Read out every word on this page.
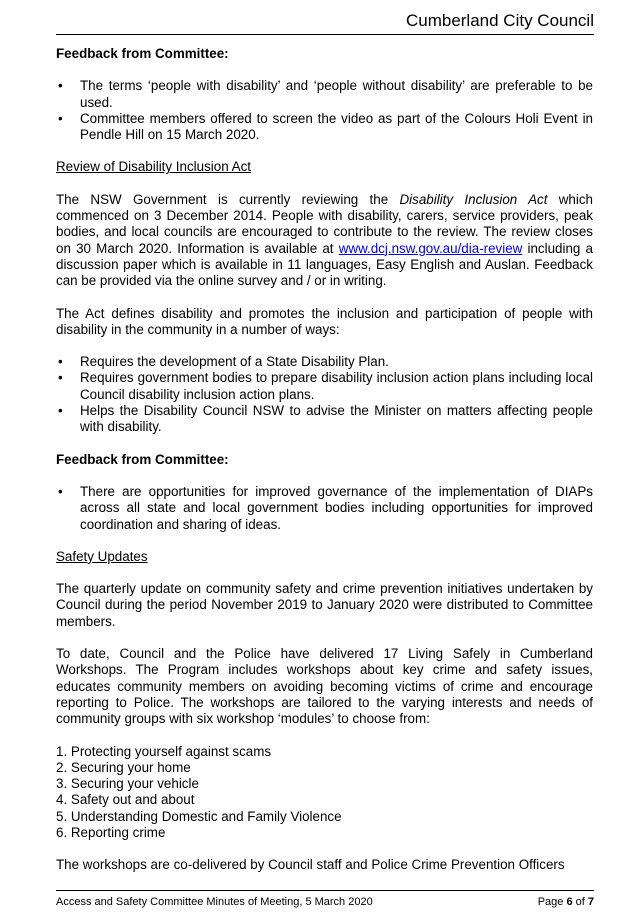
Cumberland City Council

Feedback from Committee:

• The terms ‘people with disability’ and ‘people without disability’ are preferable to be used.
• Committee members offered to screen the video as part of the Colours Holi Event in Pendle Hill on 15 March 2020.

Review of Disability Inclusion Act

The NSW Government is currently reviewing the Disability Inclusion Act which commenced on 3 December 2014. People with disability, carers, service providers, peak bodies, and local councils are encouraged to contribute to the review. The review closes on 30 March 2020. Information is available at www.dcj.nsw.gov.au/dia-review including a discussion paper which is available in 11 languages, Easy English and Auslan. Feedback can be provided via the online survey and / or in writing.

The Act defines disability and promotes the inclusion and participation of people with disability in the community in a number of ways:

• Requires the development of a State Disability Plan.
• Requires government bodies to prepare disability inclusion action plans including local Council disability inclusion action plans.
• Helps the Disability Council NSW to advise the Minister on matters affecting people with disability.

Feedback from Committee:

• There are opportunities for improved governance of the implementation of DIAPs across all state and local government bodies including opportunities for improved coordination and sharing of ideas.

Safety Updates

The quarterly update on community safety and crime prevention initiatives undertaken by Council during the period November 2019 to January 2020 were distributed to Committee members.

To date, Council and the Police have delivered 17 Living Safely in Cumberland Workshops. The Program includes workshops about key crime and safety issues, educates community members on avoiding becoming victims of crime and encourage reporting to Police. The workshops are tailored to the varying interests and needs of community groups with six workshop ‘modules’ to choose from:

1. Protecting yourself against scams

2. Securing your home

3. Securing your vehicle

4. Safety out and about

5. Understanding Domestic and Family Violence

6. Reporting crime

The workshops are co-delivered by Council staff and Police Crime Prevention Officers

Access and Safety Committee Minutes of Meeting, 5 March 2020	Page 6 of 7
